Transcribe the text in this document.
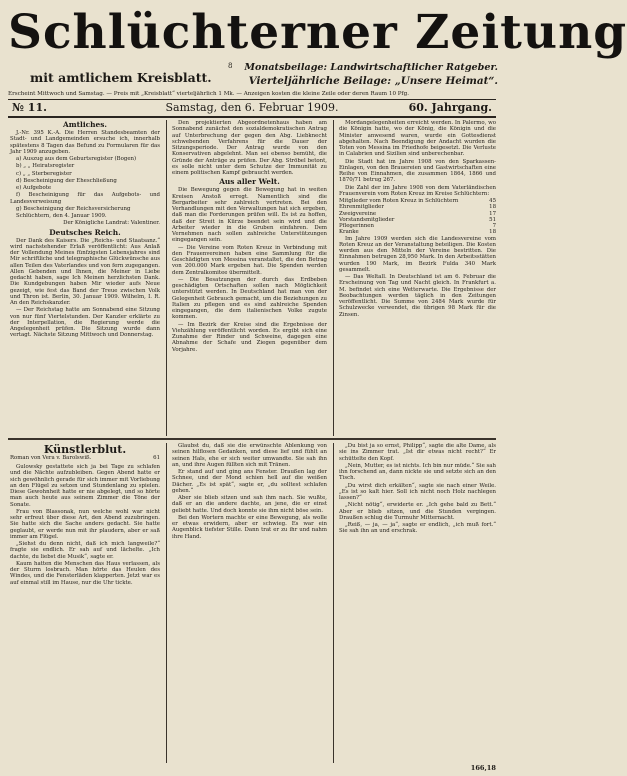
Schlüchterner Zeitung
mit amtlichem Kreisblatt.
Monatsbeilage: Landwirtschaftlicher Ratgeber.
Vierteljährliche Beilage: „Unsere Heimat“.
8
Erscheint Mittwoch und Samstag. — Preis mit „Kreisblatt“ vierteljährlich 1 Mk. — Anzeigen kosten die kleine Zeile oder deren Raum 10 Pfg.
№ 11.	Samstag, den 6. Februar 1909.	60. Jahrgang.

Amtliches.

J.-Nr. 395 K.-A. Die Herren Standesbeamten der Stadt- und Landgemeinden ersuche ich, innerhalb spätestens 8 Tagen das Befund zu Formularen für das Jahr 1909 anzugeben.

a) Auszug aus dem Geburtsregister (Bogen)

b) „ „ Heiratsregister

c) „ „ Sterberegister

d) Bescheinigung der Eheschließung

e) Aufgebote

f) Bescheinigung für das Aufgebots- und Landesverweisung

g) Bescheinigung der Reichsversicherung

Schlüchtern, den 4. Januar 1909.

Der Königliche Landrat: Valentiner.

Deutsches Reich.

Der Dank des Kaisers. Die „Reichs- und Staatsanz.“ wird nachstehender Erlaß veröffentlicht: Aus Anlaß der Vollendung Meines fünfzigsten Lebensjahres sind Mir schriftliche und telegraphische Glückwünsche aus allen Teilen des Vaterlandes und von fern zugegangen. Allen Gebenden und Ihnen, die Meiner in Liebe gedacht haben, sage Ich Meinen herzlichsten Dank. Die Kundgebungen haben Mir wieder aufs Neue gezeigt, wie fest das Band der Treue zwischen Volk und Thron ist. Berlin, 30. Januar 1909. Wilhelm, I. R. An den Reichskanzler.

— Der Reichstag hatte am Sonnabend eine Sitzung von nur fünf Viertelstunden. Der Kanzler erklärte zu der Interpellation, die Regierung werde die Angelegenheit prüfen. Die Sitzung wurde dann vertagt. Nächste Sitzung Mittwoch und Donnerstag.

Den projektierten Abgeordnetenhaus haben am Sonnabend zunächst den sozialdemokratischen Antrag auf Unterbrechung der gegen den Abg. Liebknecht schwebenden Verfahrens für die Dauer der Sitzungsperiode. Der Antrag wurde von den Konservativen abgelehnt. Man sei ebenso bemüht, die Gründe der Anträge zu prüfen. Der Abg. Ströbel betont, es solle nicht unter dem Schutze der Immunität zu einem politischen Kampf gebraucht werden.

Aus aller Welt.

Die Bewegung gegen die Bewegung hat in weiten Kreisen Anstoß erregt. Namentlich sind die Bergarbeiter sehr zahlreich vertreten. Bei den Verhandlungen mit den Verwaltungen hat sich ergeben, daß man die Forderungen prüfen will. Es ist zu hoffen, daß der Streit in Kürze beendet sein wird und die Arbeiter wieder in die Gruben einfahren. Dem Vernehmen nach sollen zahlreiche Unterstützungen eingegangen sein.

— Die Vereine vom Roten Kreuz in Verbindung mit den Frauenvereinen haben eine Sammlung für die Geschädigten von Messina veranstaltet, die den Betrag von 200.000 Mark ergeben hat. Die Spenden werden dem Zentralkomitee übermittelt.

— Die Besatzungen der durch das Erdbeben geschädigten Ortschaften sollen nach Möglichkeit unterstützt werden. In Deutschland hat man von der Gelegenheit Gebrauch gemacht, um die Beziehungen zu Italien zu pflegen und es sind zahlreiche Spenden eingegangen, die dem italienischen Volke zugute kommen.

— Im Bezirk der Kreise sind die Ergebnisse der Viehzählung veröffentlicht worden. Es ergibt sich eine Zunahme der Rinder und Schweine, dagegen eine Abnahme der Schafe und Ziegen gegenüber dem Vorjahre.

Mordangelegenheiten erreicht werden. In Palermo, wo die Königin hatte, wo der König, die Königin und die Minister anwesend waren, wurde ein Gottesdienst abgehalten. Nach Beendigung der Andacht wurden die Toten von Messina im Friedhofe beigesetzt. Die Verluste in Calabrien und Sizilien sind unberechenbar.

Die Stadt hat im Jahre 1908 von den Sparkassen-Einlagen, von den Brauereien und Gastwirtschaften eine Reihe von Einnahmen, die zusammen 1864, 1866 und 1870/71 betrug 267.

Die Zahl der im Jahre 1908 von dem Vaterländischen Frauenverein vom Roten Kreuz im Kreise Schlüchtern:

Mitglieder vom Roten Kreuz in Schlüchtern	45
Ehrenmitglieder	18
Zweigvereine	17
Vorstandsmitglieder	51
Pflegerinnen	7
Kranke	18

Im Jahre 1909 werden sich die Landesvereine vom Roten Kreuz an der Veranstaltung beteiligen. Die Kosten werden aus den Mitteln der Vereine bestritten. Die Einnahmen betrugen 28,950 Mark. In den Arbeitsstätten wurden 190 Mark, im Bezirk Fulda 340 Mark gesammelt.

— Das Weltall. In Deutschland ist am 6. Februar die Erscheinung von Tag und Nacht gleich. In Frankfurt a. M. befindet sich eine Wetterwarte. Die Ergebnisse der Beobachtungen werden täglich in den Zeitungen veröffentlicht. Die Summe von 2484 Mark wurde für Schulzwecke verwendet, die übrigen 98 Mark für die Zinsen.

Künstlerblut.
Roman von Vera v. Barolswiß.	61

Gulowsky gestattete sich ja bei Tage zu schlafen und die Nächte aufzubleiben. Gegen Abend hatte er sich gewöhnlich gerade für sich immer mit Vorliebung an den Flügel zu setzen und Stundenlang zu spielen. Diese Gewohnheit hatte er nie abgelegt, und so hörte man auch heute aus seinem Zimmer die Töne der Sonate.

Frau von Blassonak, nun welche wohl war nicht sehr erfreut über diese Art, den Abend zuzubringen. Sie hatte sich die Sache anders gedacht. Sie hatte geglaubt, er werde nun mit ihr plaudern, aber er saß immer am Flügel.

„Siehst du denn nicht, daß ich mich langweile?“ fragte sie endlich. Er sah auf und lächelte. „Ich dachte, du liebst die Musik“, sagte er.

Kaum hatten die Menschen das Haus verlassen, als der Sturm losbrach. Man hörte das Heulen des Windes, und die Fensterläden klapperten. Jetzt war es auf einmal still im Hause, nur die Uhr tickte.

Glaubst du, daß sie die erwünschte Ablenkung von seinen hilflosen Gedanken, und diese lief und fühlt an seinen Hals, ehe er sich weiter umwandte. Sie sah ihn an, und ihre Augen füllten sich mit Tränen.

Er stand auf und ging ans Fenster. Draußen lag der Schnee, und der Mond schien hell auf die weißen Dächer. „Es ist spät“, sagte er, „du solltest schlafen gehen.“

Aber sie blieb sitzen und sah ihm nach. Sie wußte, daß er an die andere dachte, an jene, die er einst geliebt hatte. Und doch konnte sie ihm nicht böse sein.

Bei den Wortern machte er eine Bewegung, als wolle er etwas erwidern, aber er schwieg. Es war ein Augenblick tiefster Stille. Dann trat er zu ihr und nahm ihre Hand.

„Du bist ja so ernst, Philipp“, sagte die alte Dame, als sie ins Zimmer trat. „Ist dir etwas nicht recht?“ Er schüttelte den Kopf.

„Nein, Mutter, es ist nichts. Ich bin nur müde.“ Sie sah ihn forschend an, dann nickte sie und setzte sich an den Tisch.

„Du wirst dich erkälten“, sagte sie nach einer Weile. „Es ist so kalt hier. Soll ich nicht noch Holz nachlegen lassen?“

„Nicht nötig“, erwiderte er. „Ich gehe bald zu Bett.“ Aber er blieb sitzen, und die Stunden vergingen. Draußen schlug die Turmuhr Mitternacht.

„Reiß, — ja, — ja“, sagte er endlich, „ich muß fort.“ Sie sah ihn an und erschrak.

166,18
